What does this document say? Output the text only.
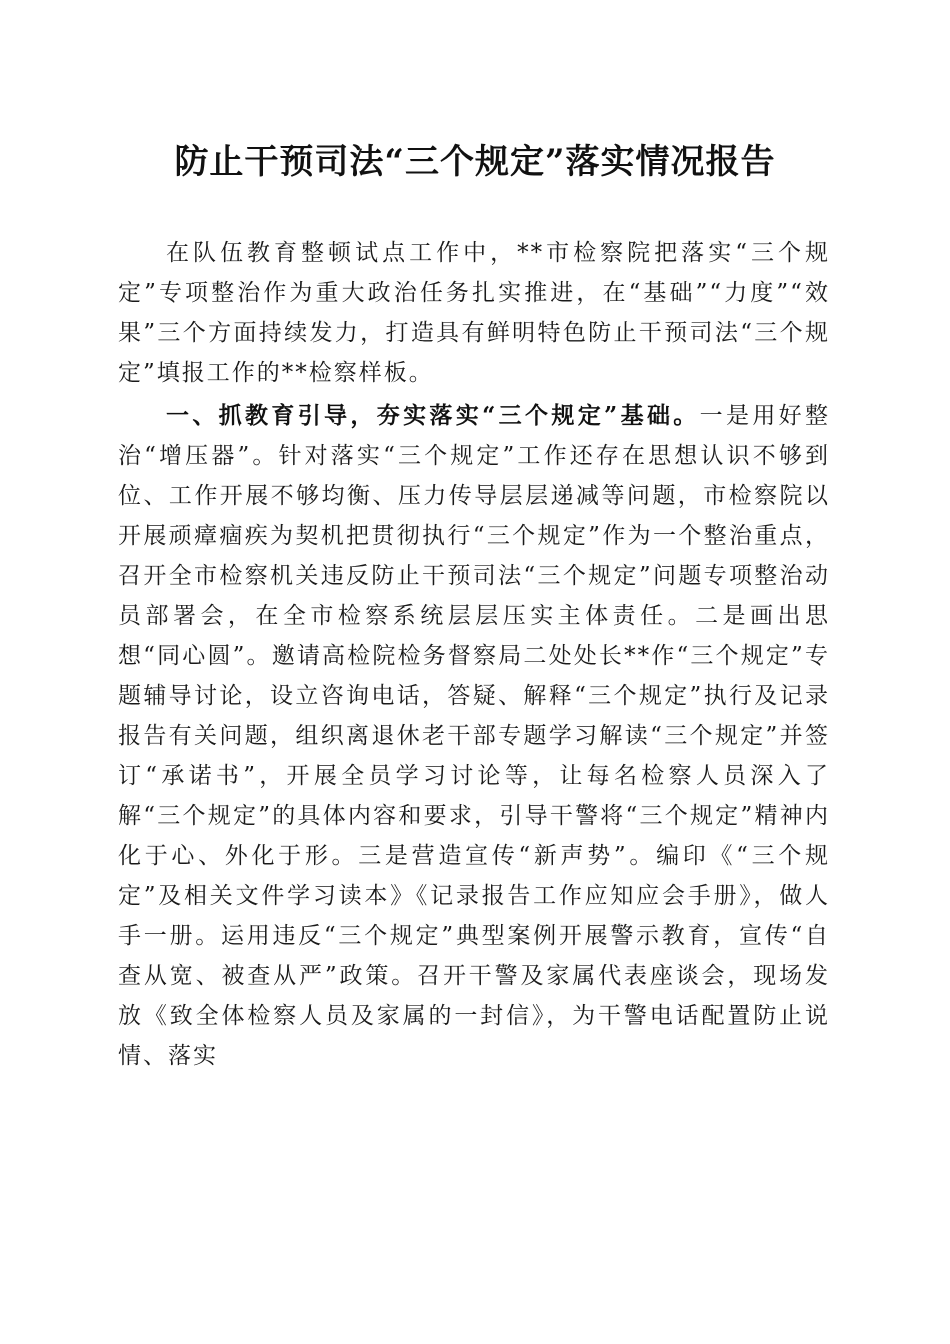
防止干预司法“三个规定”落实情况报告

在队伍教育整顿试点工作中，**市检察院把落实“三个规定”专项整治作为重大政治任务扎实推进，在“基础”“力度”“效果”三个方面持续发力，打造具有鲜明特色防止干预司法“三个规定”填报工作的**检察样板。

一、抓教育引导，夯实落实“三个规定”基础。一是用好整治“增压器”。针对落实“三个规定”工作还存在思想认识不够到位、工作开展不够均衡、压力传导层层递减等问题，市检察院以开展顽瘴痼疾为契机把贯彻执行“三个规定”作为一个整治重点，召开全市检察机关违反防止干预司法“三个规定”问题专项整治动员部署会，在全市检察系统层层压实主体责任。二是画出思想“同心圆”。邀请高检院检务督察局二处处长**作“三个规定”专题辅导讨论，设立咨询电话，答疑、解释“三个规定”执行及记录报告有关问题，组织离退休老干部专题学习解读“三个规定”并签订“承诺书”，开展全员学习讨论等，让每名检察人员深入了解“三个规定”的具体内容和要求，引导干警将“三个规定”精神内化于心、外化于形。三是营造宣传“新声势”。编印《“三个规定”及相关文件学习读本》《记录报告工作应知应会手册》，做人手一册。运用违反“三个规定”典型案例开展警示教育，宣传“自查从宽、被查从严”政策。召开干警及家属代表座谈会，现场发放《致全体检察人员及家属的一封信》，为干警电话配置防止说情、落实
